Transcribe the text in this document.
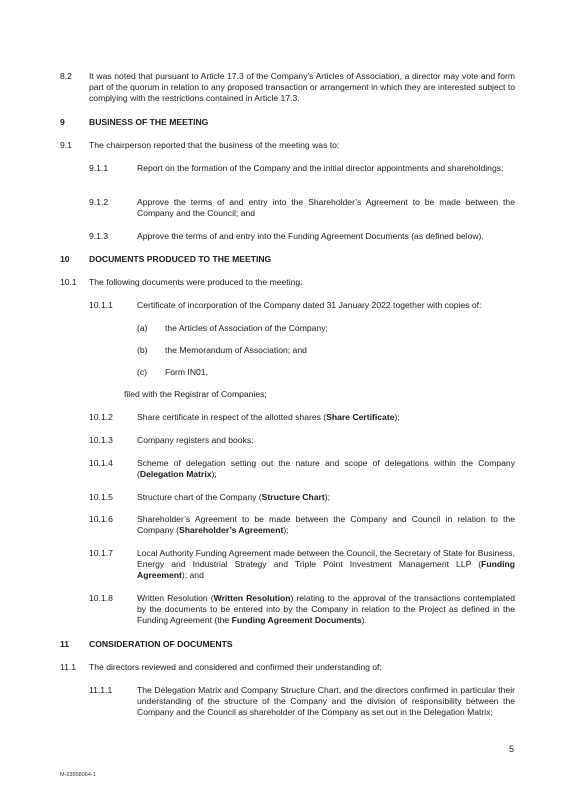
8.2 It was noted that pursuant to Article 17.3 of the Company's Articles of Association, a director may vote and form part of the quorum in relation to any proposed transaction or arrangement in which they are interested subject to complying with the restrictions contained in Article 17.3.
9	BUSINESS OF THE MEETING
9.1 The chairperson reported that the business of the meeting was to:
9.1.1	Report on the formation of the Company and the initial director appointments and shareholdings;
9.1.2	Approve the terms of and entry into the Shareholder’s Agreement to be made between the Company and the Council; and
9.1.3	Approve the terms of and entry into the Funding Agreement Documents (as defined below).
10 DOCUMENTS PRODUCED TO THE MEETING
10.1 The following documents were produced to the meeting:
10.1.1	Certificate of incorporation of the Company dated 31 January 2022 together with copies of:
(a) the Articles of Association of the Company;
(b) the Memorandum of Association; and
(c) Form IN01,
filed with the Registrar of Companies;
10.1.2	Share certificate in respect of the allotted shares (Share Certificate);
10.1.3	Company registers and books;
10.1.4	Scheme of delegation setting out the nature and scope of delegations within the Company (Delegation Matrix);
10.1.5	Structure chart of the Company (Structure Chart);
10.1.6	Shareholder’s Agreement to be made between the Company and Council in relation to the Company (Shareholder’s Agreement);
10.1.7	Local Authority Funding Agreement made between the Council, the Secretary of State for Business, Energy and Industrial Strategy and Triple Point Investment Management LLP (Funding Agreement); and
10.1.8	Written Resolution (Written Resolution) relating to the approval of the transactions contemplated by the documents to be entered into by the Company in relation to the Project as defined in the Funding Agreement (the Funding Agreement Documents).
11 CONSIDERATION OF DOCUMENTS
11.1 The directors reviewed and considered and confirmed their understanding of:
11.1.1	The Delegation Matrix and Company Structure Chart, and the directors confirmed in particular their understanding of the structure of the Company and the division of responsibility between the Company and the Council as shareholder of the Company as set out in the Delegation Matrix;
5
M-23958064-1
